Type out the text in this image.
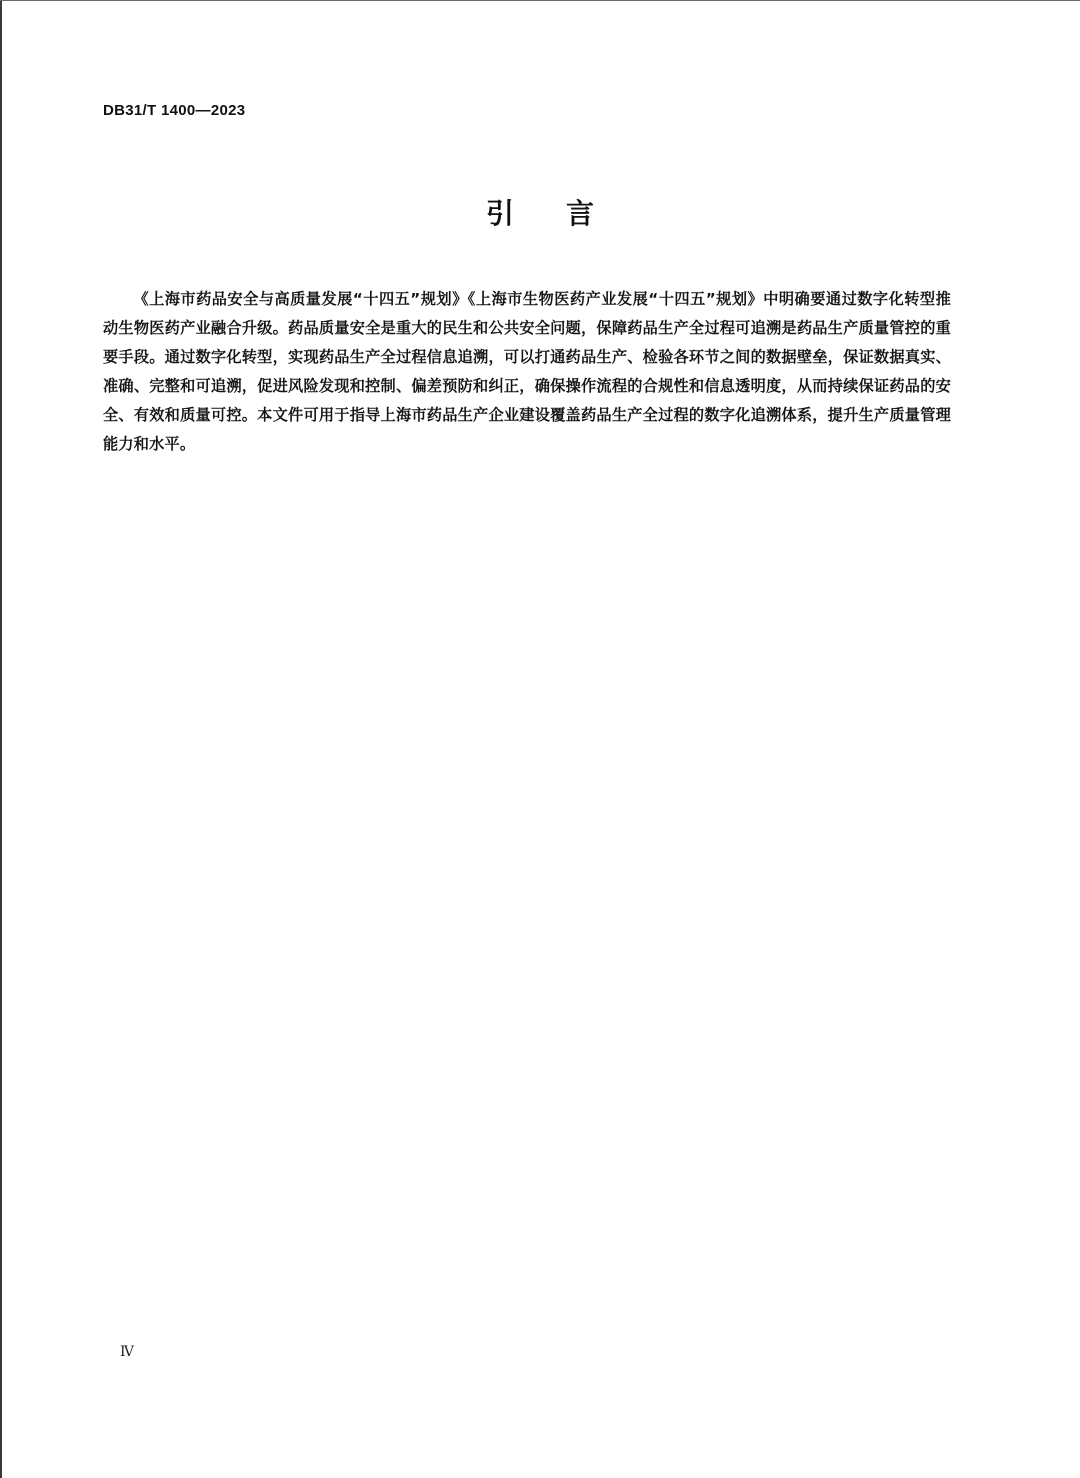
DB31/T 1400—2023
引 言

《上海市药品安全与高质量发展“十四五”规划》《上海市生物医药产业发展“十四五”规划》中明确要通过数字化转型推动生物医药产业融合升级。药品质量安全是重大的民生和公共安全问题，保障药品生产全过程可追溯是药品生产质量管控的重要手段。通过数字化转型，实现药品生产全过程信息追溯，可以打通药品生产、检验各环节之间的数据壁垒，保证数据真实、准确、完整和可追溯，促进风险发现和控制、偏差预防和纠正，确保操作流程的合规性和信息透明度，从而持续保证药品的安全、有效和质量可控。本文件可用于指导上海市药品生产企业建设覆盖药品生产全过程的数字化追溯体系，提升生产质量管理能力和水平。

Ⅳ
